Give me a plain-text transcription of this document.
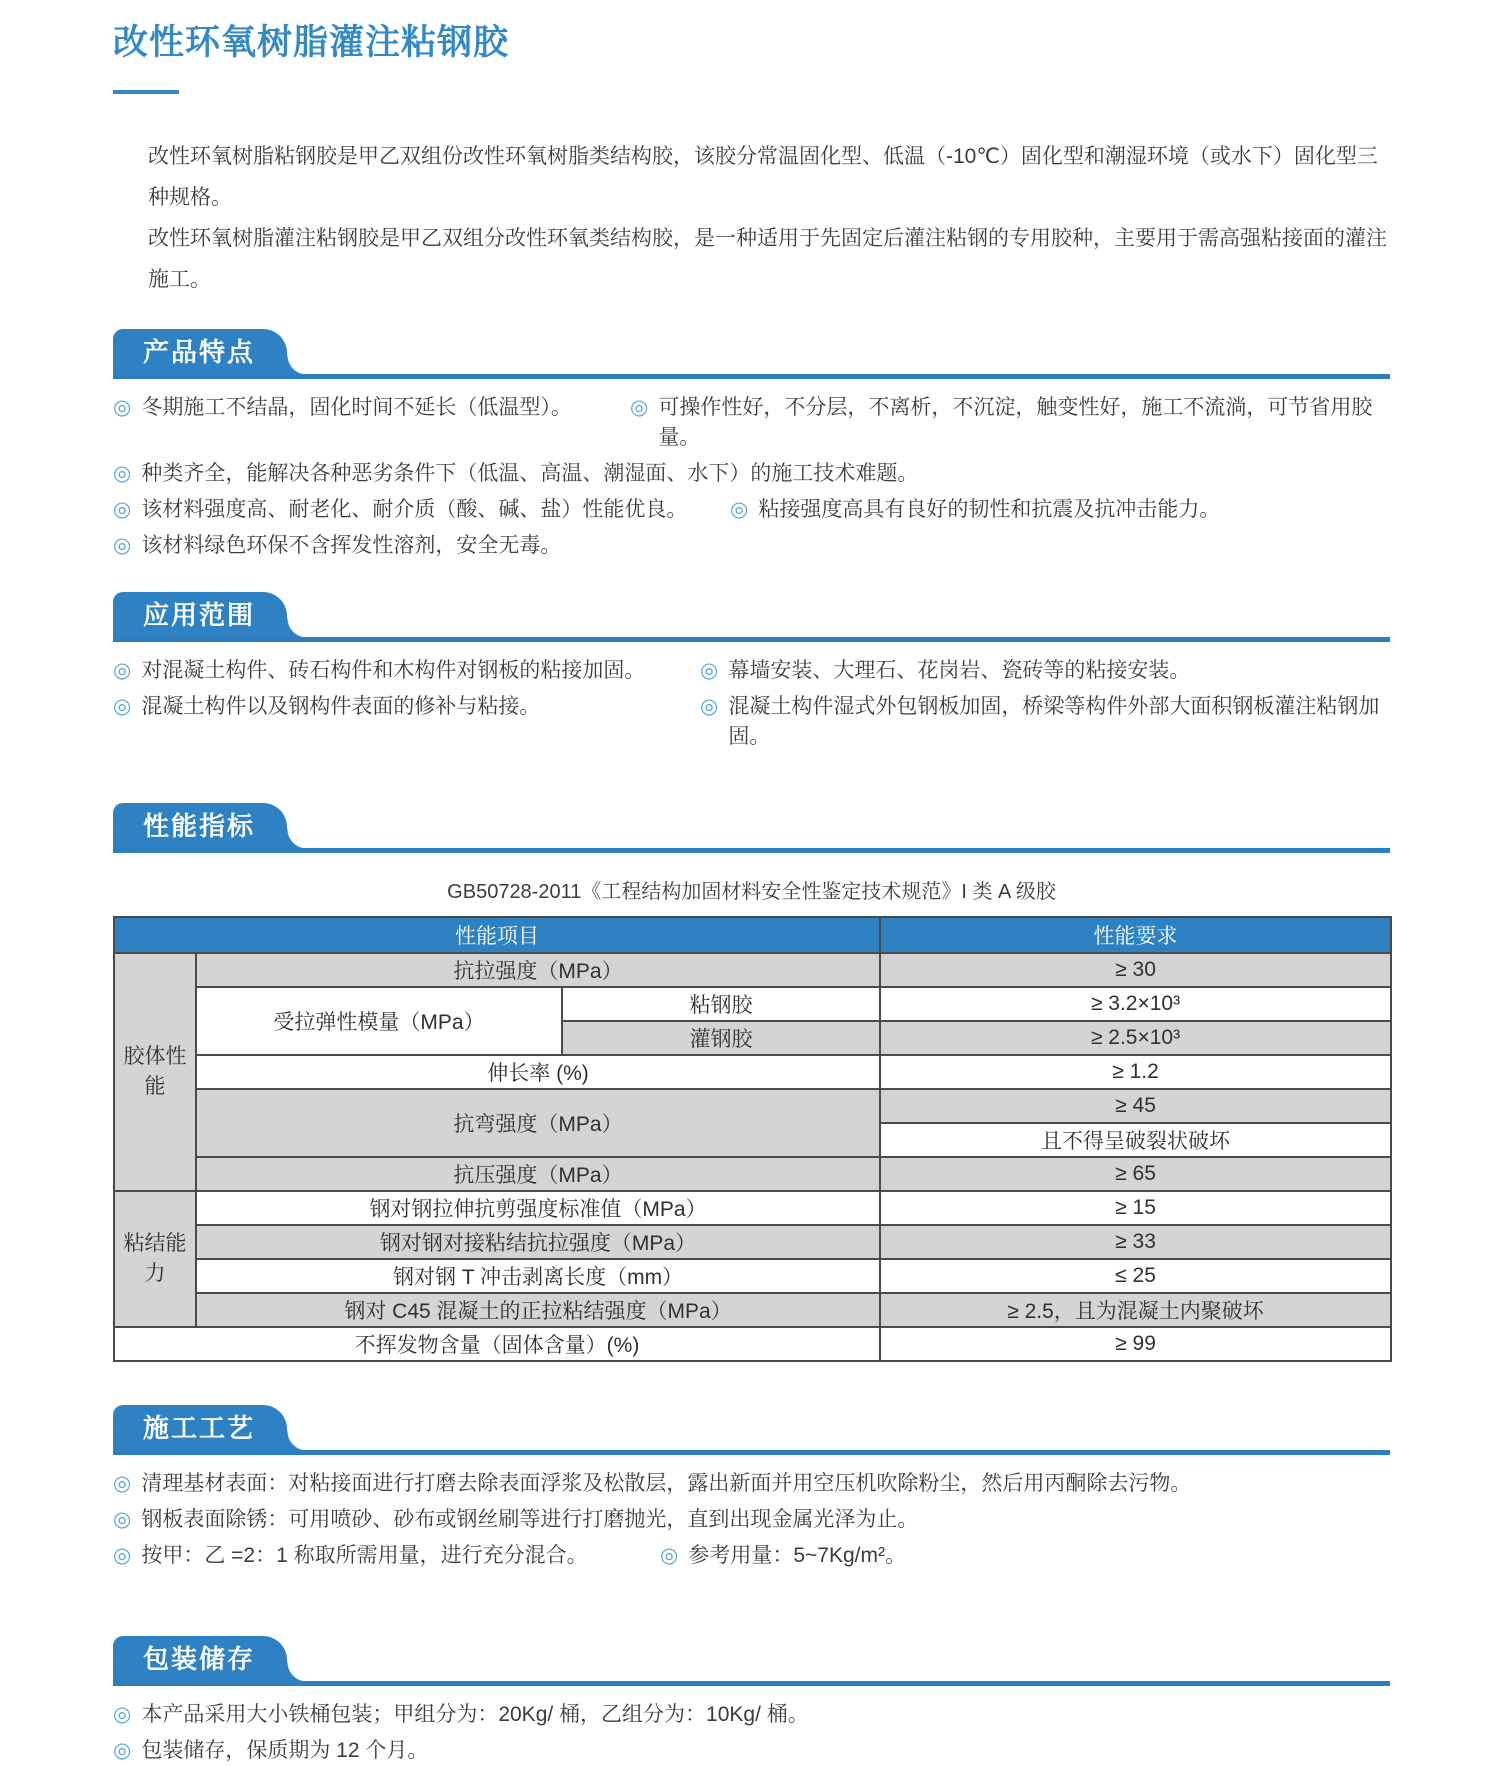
改性环氧树脂灌注粘钢胶
改性环氧树脂粘钢胶是甲乙双组份改性环氧树脂类结构胶，该胶分常温固化型、低温（-10℃）固化型和潮湿环境（或水下）固化型三种规格。
改性环氧树脂灌注粘钢胶是甲乙双组分改性环氧类结构胶，是一种适用于先固定后灌注粘钢的专用胶种，主要用于需高强粘接面的灌注施工。
产品特点
◎ 冬期施工不结晶，固化时间不延长（低温型）。	◎ 可操作性好，不分层，不离析，不沉淀，触变性好，施工不流淌，可节省用胶量。
◎ 种类齐全，能解决各种恶劣条件下（低温、高温、潮湿面、水下）的施工技术难题。
◎ 该材料强度高、耐老化、耐介质（酸、碱、盐）性能优良。 ◎ 粘接强度高具有良好的韧性和抗震及抗冲击能力。
◎ 该材料绿色环保不含挥发性溶剂，安全无毒。
应用范围
◎ 对混凝土构件、砖石构件和木构件对钢板的粘接加固。	◎ 幕墙安装、大理石、花岗岩、瓷砖等的粘接安装。
◎ 混凝土构件以及钢构件表面的修补与粘接。	◎ 混凝土构件湿式外包钢板加固，桥梁等构件外部大面积钢板灌注粘钢加固。
性能指标
GB50728-2011《工程结构加固材料安全性鉴定技术规范》I 类 A 级胶
性能项目			性能要求
胶体性能	抗拉强度（MPa）		≥ 30
	受拉弹性模量（MPa）	粘钢胶	≥ 3.2×10³
		灌钢胶	≥ 2.5×10³
	伸长率 (%)		≥ 1.2
	抗弯强度（MPa）		≥ 45
			且不得呈破裂状破坏
	抗压强度（MPa）		≥ 65
粘结能力	钢对钢拉伸抗剪强度标准值（MPa）		≥ 15
	钢对钢对接粘结抗拉强度（MPa）		≥ 33
	钢对钢 T 冲击剥离长度（mm）		≤ 25
	钢对 C45 混凝土的正拉粘结强度（MPa）		≥ 2.5，且为混凝土内聚破坏
不挥发物含量（固体含量）(%)			≥ 99
施工工艺
◎ 清理基材表面：对粘接面进行打磨去除表面浮浆及松散层，露出新面并用空压机吹除粉尘，然后用丙酮除去污物。
◎ 钢板表面除锈：可用喷砂、砂布或钢丝刷等进行打磨抛光，直到出现金属光泽为止。
◎ 按甲：乙 =2：1 称取所需用量，进行充分混合。	◎ 参考用量：5~7Kg/m²。
包装储存
◎ 本产品采用大小铁桶包装；甲组分为：20Kg/ 桶，乙组分为：10Kg/ 桶。
◎ 包装储存，保质期为 12 个月。
